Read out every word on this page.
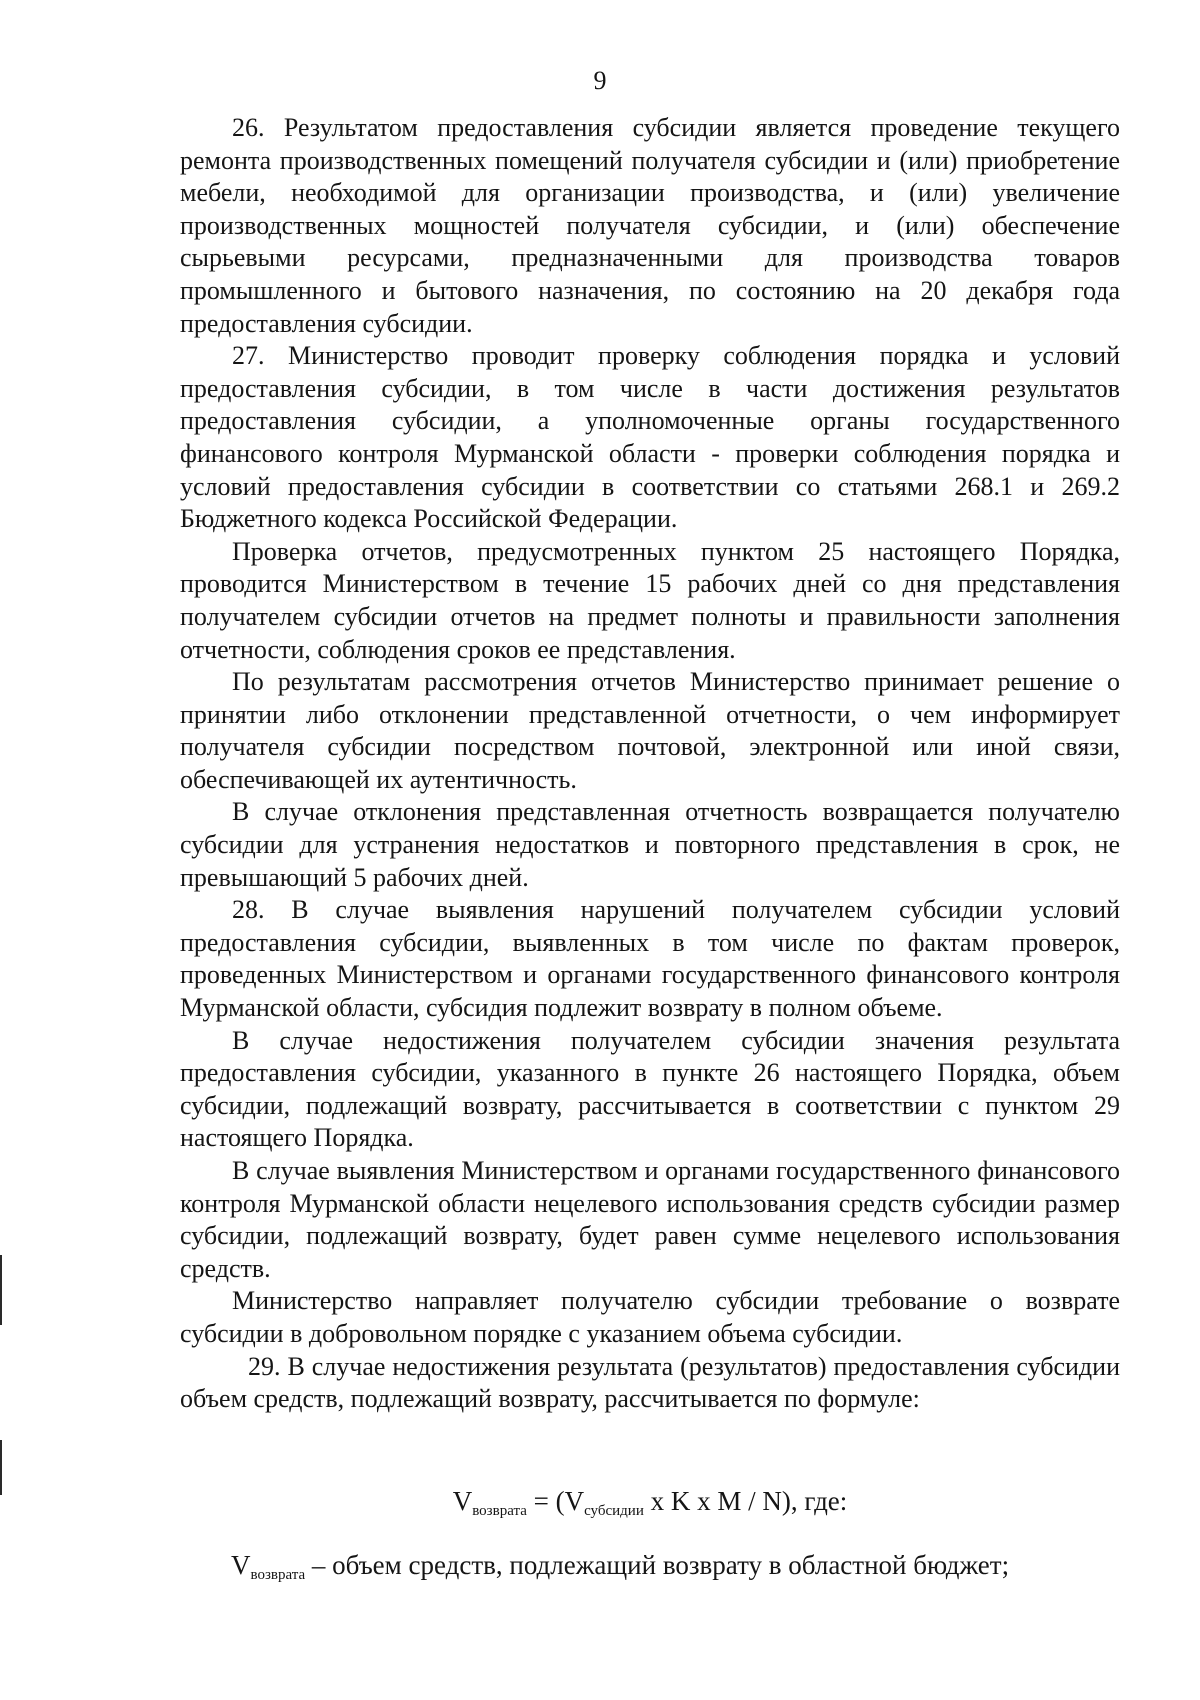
9

26. Результатом предоставления субсидии является проведение текущего ремонта производственных помещений получателя субсидии и (или) приобретение мебели, необходимой для организации производства, и (или) увеличение производственных мощностей получателя субсидии, и (или) обеспечение сырьевыми ресурсами, предназначенными для производства товаров промышленного и бытового назначения, по состоянию на 20 декабря года предоставления субсидии.

27. Министерство проводит проверку соблюдения порядка и условий предоставления субсидии, в том числе в части достижения результатов предоставления субсидии, а уполномоченные органы государственного финансового контроля Мурманской области - проверки соблюдения порядка и условий предоставления субсидии в соответствии со статьями 268.1 и 269.2 Бюджетного кодекса Российской Федерации.

Проверка отчетов, предусмотренных пунктом 25 настоящего Порядка, проводится Министерством в течение 15 рабочих дней со дня представления получателем субсидии отчетов на предмет полноты и правильности заполнения отчетности, соблюдения сроков ее представления.

По результатам рассмотрения отчетов Министерство принимает решение о принятии либо отклонении представленной отчетности, о чем информирует получателя субсидии посредством почтовой, электронной или иной связи, обеспечивающей их аутентичность.

В случае отклонения представленная отчетность возвращается получателю субсидии для устранения недостатков и повторного представления в срок, не превышающий 5 рабочих дней.

28. В случае выявления нарушений получателем субсидии условий предоставления субсидии, выявленных в том числе по фактам проверок, проведенных Министерством и органами государственного финансового контроля Мурманской области, субсидия подлежит возврату в полном объеме.

В случае недостижения получателем субсидии значения результата предоставления субсидии, указанного в пункте 26 настоящего Порядка, объем субсидии, подлежащий возврату, рассчитывается в соответствии с пунктом 29 настоящего Порядка.

В случае выявления Министерством и органами государственного финансового контроля Мурманской области нецелевого использования средств субсидии размер субсидии, подлежащий возврату, будет равен сумме нецелевого использования средств.

Министерство направляет получателю субсидии требование о возврате субсидии в добровольном порядке с указанием объема субсидии.

29. В случае недостижения результата (результатов) предоставления субсидии объем средств, подлежащий возврату, рассчитывается по формуле:

$V_{возврата} = (V_{субсидии}$ x K x M / N), где:
$V_{возврата}$ – объем средств, подлежащий возврату в областной бюджет;
